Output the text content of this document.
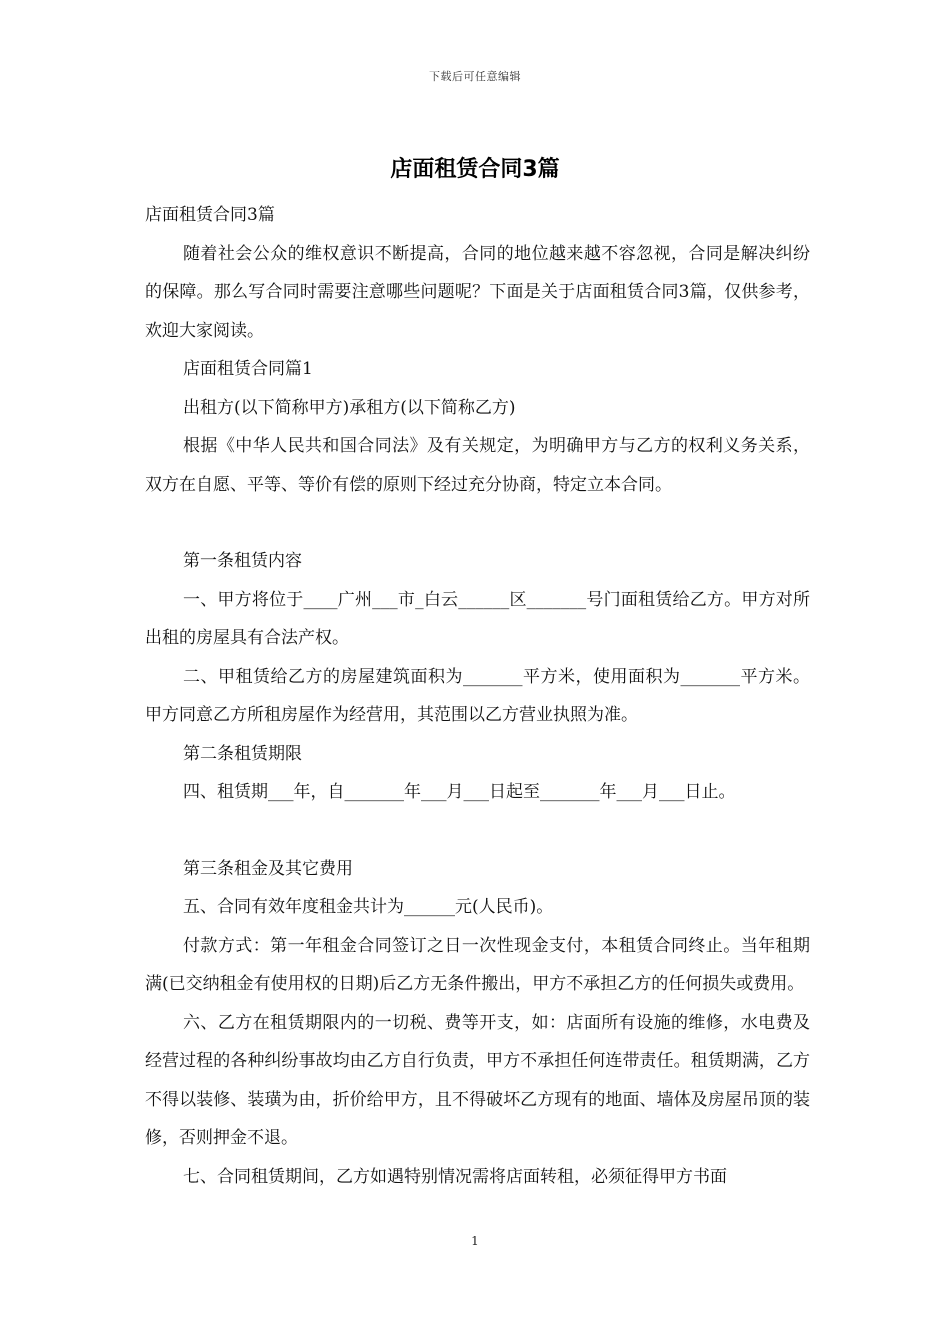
下载后可任意编辑
店面租赁合同3篇

店面租赁合同3篇

随着社会公众的维权意识不断提高，合同的地位越来越不容忽视，合同是解决纠纷的保障。那么写合同时需要注意哪些问题呢？下面是关于店面租赁合同3篇，仅供参考，欢迎大家阅读。

店面租赁合同篇1

出租方(以下简称甲方)承租方(以下简称乙方)

根据《中华人民共和国合同法》及有关规定，为明确甲方与乙方的权利义务关系，双方在自愿、平等、等价有偿的原则下经过充分协商，特定立本合同。

第一条租赁内容

一、甲方将位于____广州___市_白云______区_______号门面租赁给乙方。甲方对所出租的房屋具有合法产权。

二、甲租赁给乙方的房屋建筑面积为_______平方米，使用面积为_______平方米。甲方同意乙方所租房屋作为经营用，其范围以乙方营业执照为准。

第二条租赁期限

四、租赁期___年，自_______年___月___日起至_______年___月___日止。

第三条租金及其它费用

五、合同有效年度租金共计为______元(人民币)。

付款方式：第一年租金合同签订之日一次性现金支付，本租赁合同终止。当年租期满(已交纳租金有使用权的日期)后乙方无条件搬出，甲方不承担乙方的任何损失或费用。

六、乙方在租赁期限内的一切税、费等开支，如：店面所有设施的维修，水电费及经营过程的各种纠纷事故均由乙方自行负责，甲方不承担任何连带责任。租赁期满，乙方不得以装修、装璜为由，折价给甲方，且不得破坏乙方现有的地面、墙体及房屋吊顶的装修，否则押金不退。

七、合同租赁期间，乙方如遇特别情况需将店面转租，必须征得甲方书面

1
